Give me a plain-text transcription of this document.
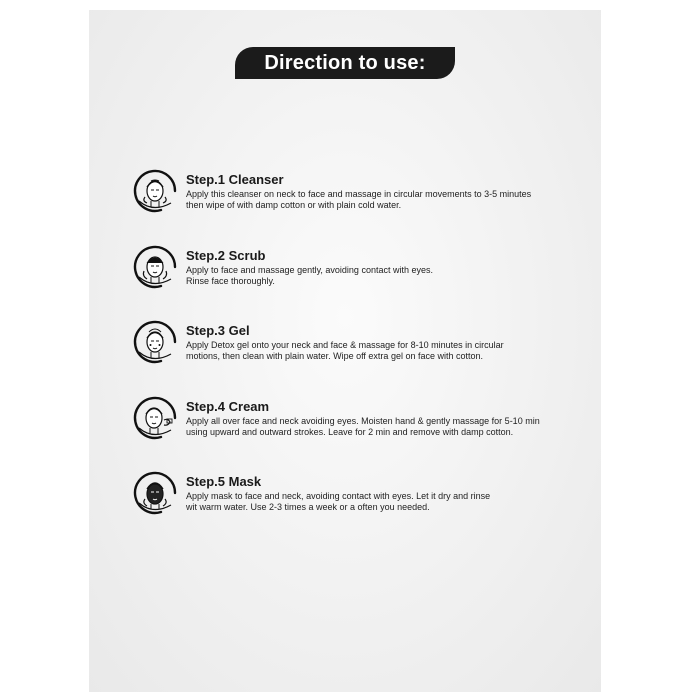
Direction to use:
Step.1 Cleanser
Apply this cleanser on neck to face and massage in circular movements to 3-5 minutes
then wipe of with damp cotton or with plain cold water.
Step.2 Scrub
Apply to face and massage gently, avoiding contact with eyes.
Rinse face thoroughly.
Step.3 Gel
Apply Detox gel onto your neck and face & massage for 8-10 minutes in circular
motions, then clean with plain water. Wipe off extra gel on face with cotton.
Step.4 Cream
Apply all over face and neck avoiding eyes. Moisten hand & gently massage for 5-10 min
using upward and outward strokes. Leave for 2 min and remove with damp cotton.
Step.5 Mask
Apply mask to face and neck, avoiding contact with eyes. Let it dry and rinse
wit warm water. Use 2-3 times a week or a often you needed.
